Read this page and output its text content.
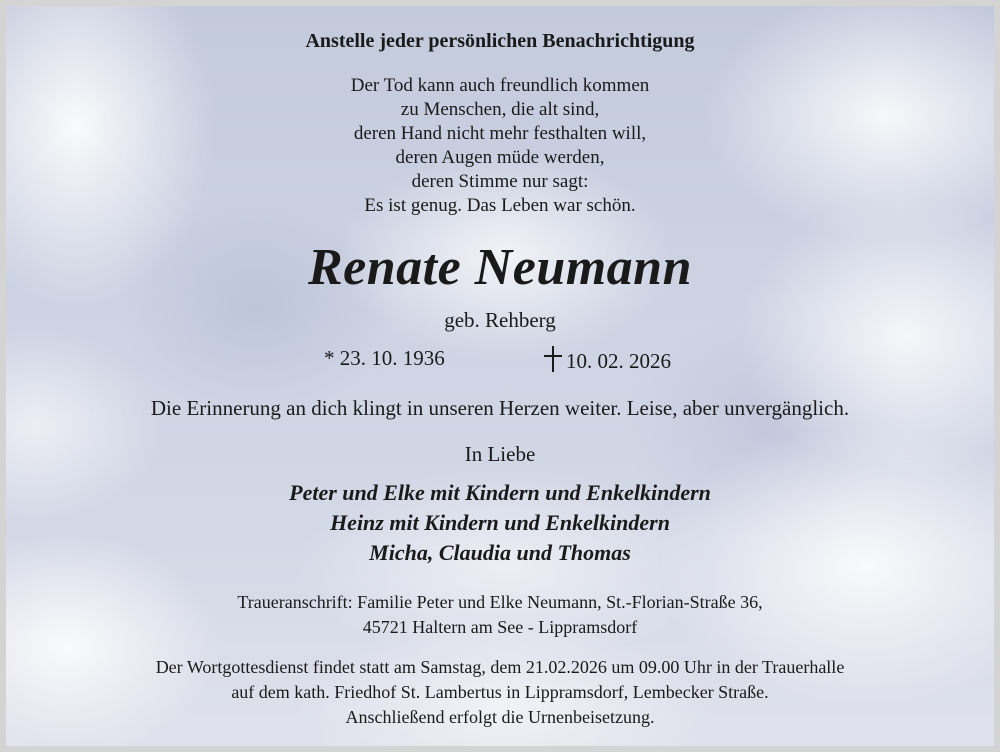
Anstelle jeder persönlichen Benachrichtigung
Der Tod kann auch freundlich kommen
zu Menschen, die alt sind,
deren Hand nicht mehr festhalten will,
deren Augen müde werden,
deren Stimme nur sagt:
Es ist genug. Das Leben war schön.
Renate Neumann
geb. Rehberg
* 23. 10. 1936	10. 02. 2026
Die Erinnerung an dich klingt in unseren Herzen weiter. Leise, aber unvergänglich.
In Liebe
Peter und Elke mit Kindern und Enkelkindern
Heinz mit Kindern und Enkelkindern
Micha, Claudia und Thomas
Traueranschrift: Familie Peter und Elke Neumann, St.-Florian-Straße 36,
45721 Haltern am See - Lippramsdorf
Der Wortgottesdienst findet statt am Samstag, dem 21.02.2026 um 09.00 Uhr in der Trauerhalle
auf dem kath. Friedhof St. Lambertus in Lippramsdorf, Lembecker Straße.
Anschließend erfolgt die Urnenbeisetzung.
